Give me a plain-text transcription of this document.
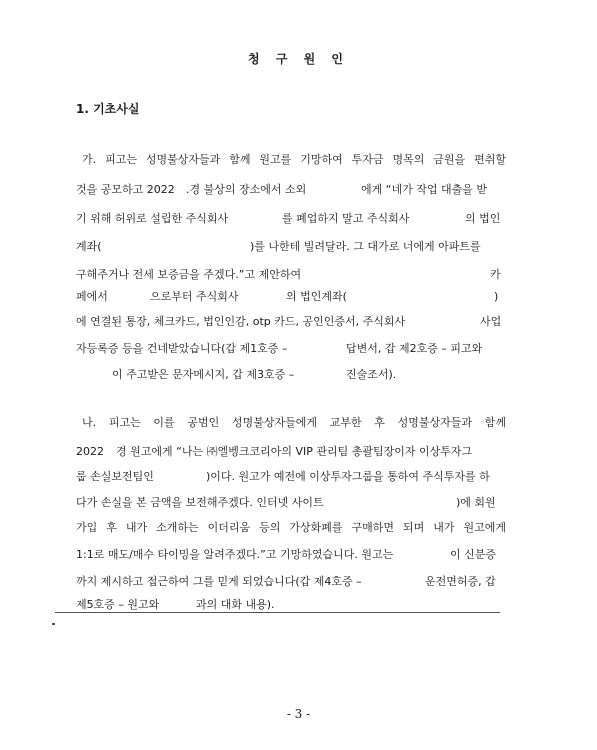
청 구 원 인
1. 기초사실
가. 피고는 성명불상자들과 함께 원고를 기망하여 투자금 명목의 금원을 편취할
것을 공모하고 2022 .경 불상의 장소에서 소외	에게 “네가 작업 대출을 받
기 위해 허위로 설립한 주식회사	를 폐업하지 말고 주식회사	의 법인
계좌(	)를 나한테 빌려달라. 그 대가로 너에게 아파트를
구해주거나 전세 보증금을 주겠다.”고 제안하여	카
페에서	으로부터 주식회사	의 법인계좌(	)
에 연결된 통장, 체크카드, 법인인감, otp 카드, 공인인증서, 주식회사	사업
자등록증 등을 건네받았습니다(갑 제1호증 –	답변서, 갑 제2호증 – 피고와
이 주고받은 문자메시지, 갑 제3호증 –	진술조서).
나. 피고는 이를 공범인 성명불상자들에게 교부한 후 성명불상자들과 함께
2022 경 원고에게 “나는 ㈜엘벵크코리아의 VIP 관리팀 총괄팀장이자 이상투자그
룹 손실보전팀인	)이다. 원고가 예전에 이상투자그룹을 통하여 주식투자를 하
다가 손실을 본 금액을 보전해주겠다. 인터넷 사이트	)에 회원
가입 후 내가 소개하는 이더리움 등의 가상화폐를 구매하면 되며 내가 원고에게
1:1로 매도/매수 타이밍을 알려주겠다.”고 기망하였습니다. 원고는	이 신분증
까지 제시하고 접근하여 그를 믿게 되었습니다(갑 제4호증 –	운전면허증, 갑
제5호증 – 원고와	과의 대화 내용).
- 3 -
